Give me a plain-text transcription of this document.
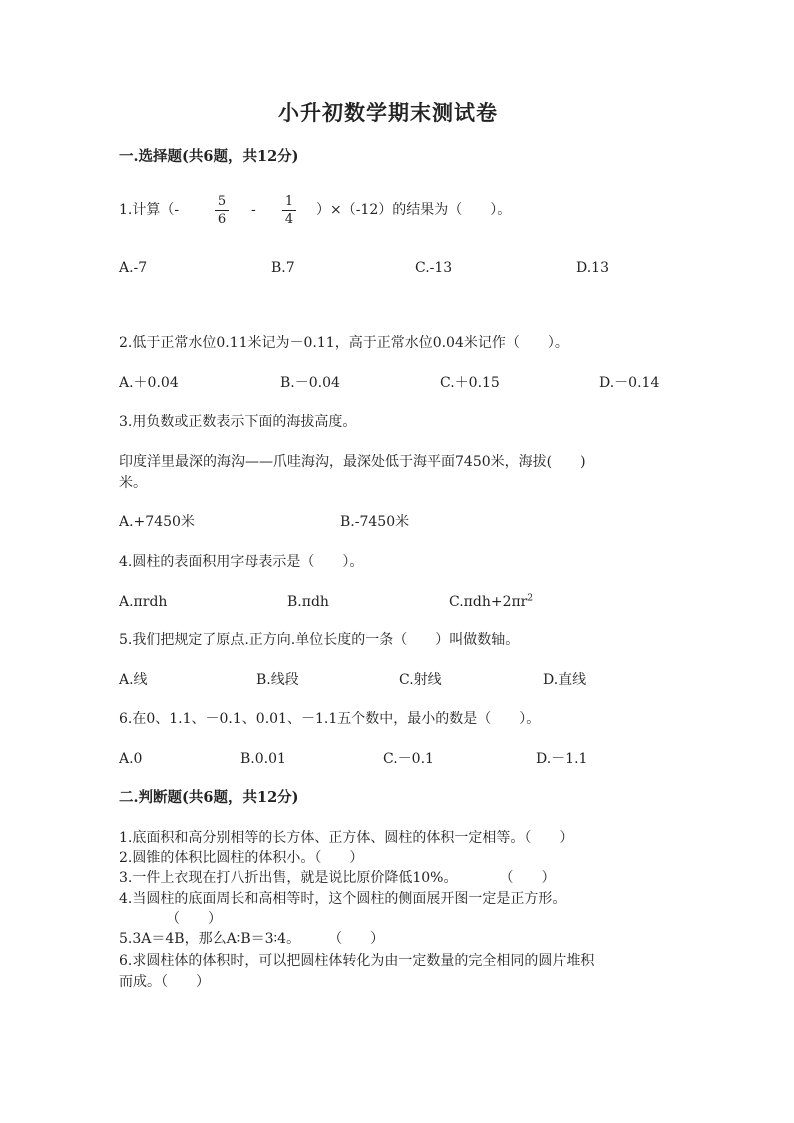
小升初数学期末测试卷
一.选择题(共6题，共12分)
1.计算（-
5
6
-
1
4
）×（-12）的结果为（　　）。
A.-7	B.7	C.-13	D.13
2.低于正常水位0.11米记为－0.11，高于正常水位0.04米记作（　　）。
A.＋0.04	B.－0.04	C.＋0.15	D.－0.14
3.用负数或正数表示下面的海拔高度。
印度洋里最深的海沟——爪哇海沟，最深处低于海平面7450米，海拔(　　)
米。
A.+7450米	B.-7450米
4.圆柱的表面积用字母表示是（　　）。
A.πrdh	B.πdh	$C.\pi dh+2\pi r^2$
5.我们把规定了原点.正方向.单位长度的一条（　　）叫做数轴。
A.线	B.线段	C.射线	D.直线
6.在0、1.1、－0.1、0.01、－1.1五个数中，最小的数是（　　）。
A.0	B.0.01	C.－0.1	D.－1.1
二.判断题(共6题，共12分)
1.底面积和高分别相等的长方体、正方体、圆柱的体积一定相等。（　　）
2.圆锥的体积比圆柱的体积小。（　　）
3.一件上衣现在打八折出售，就是说比原价降低10%。　　　　（　　）
4.当圆柱的底面周长和高相等时，这个圆柱的侧面展开图一定是正方形。
（　　）
5.3A＝4B，那么A∶B＝3∶4。　　　（　　）
6.求圆柱体的体积时，可以把圆柱体转化为由一定数量的完全相同的圆片堆积
而成。（　　）
